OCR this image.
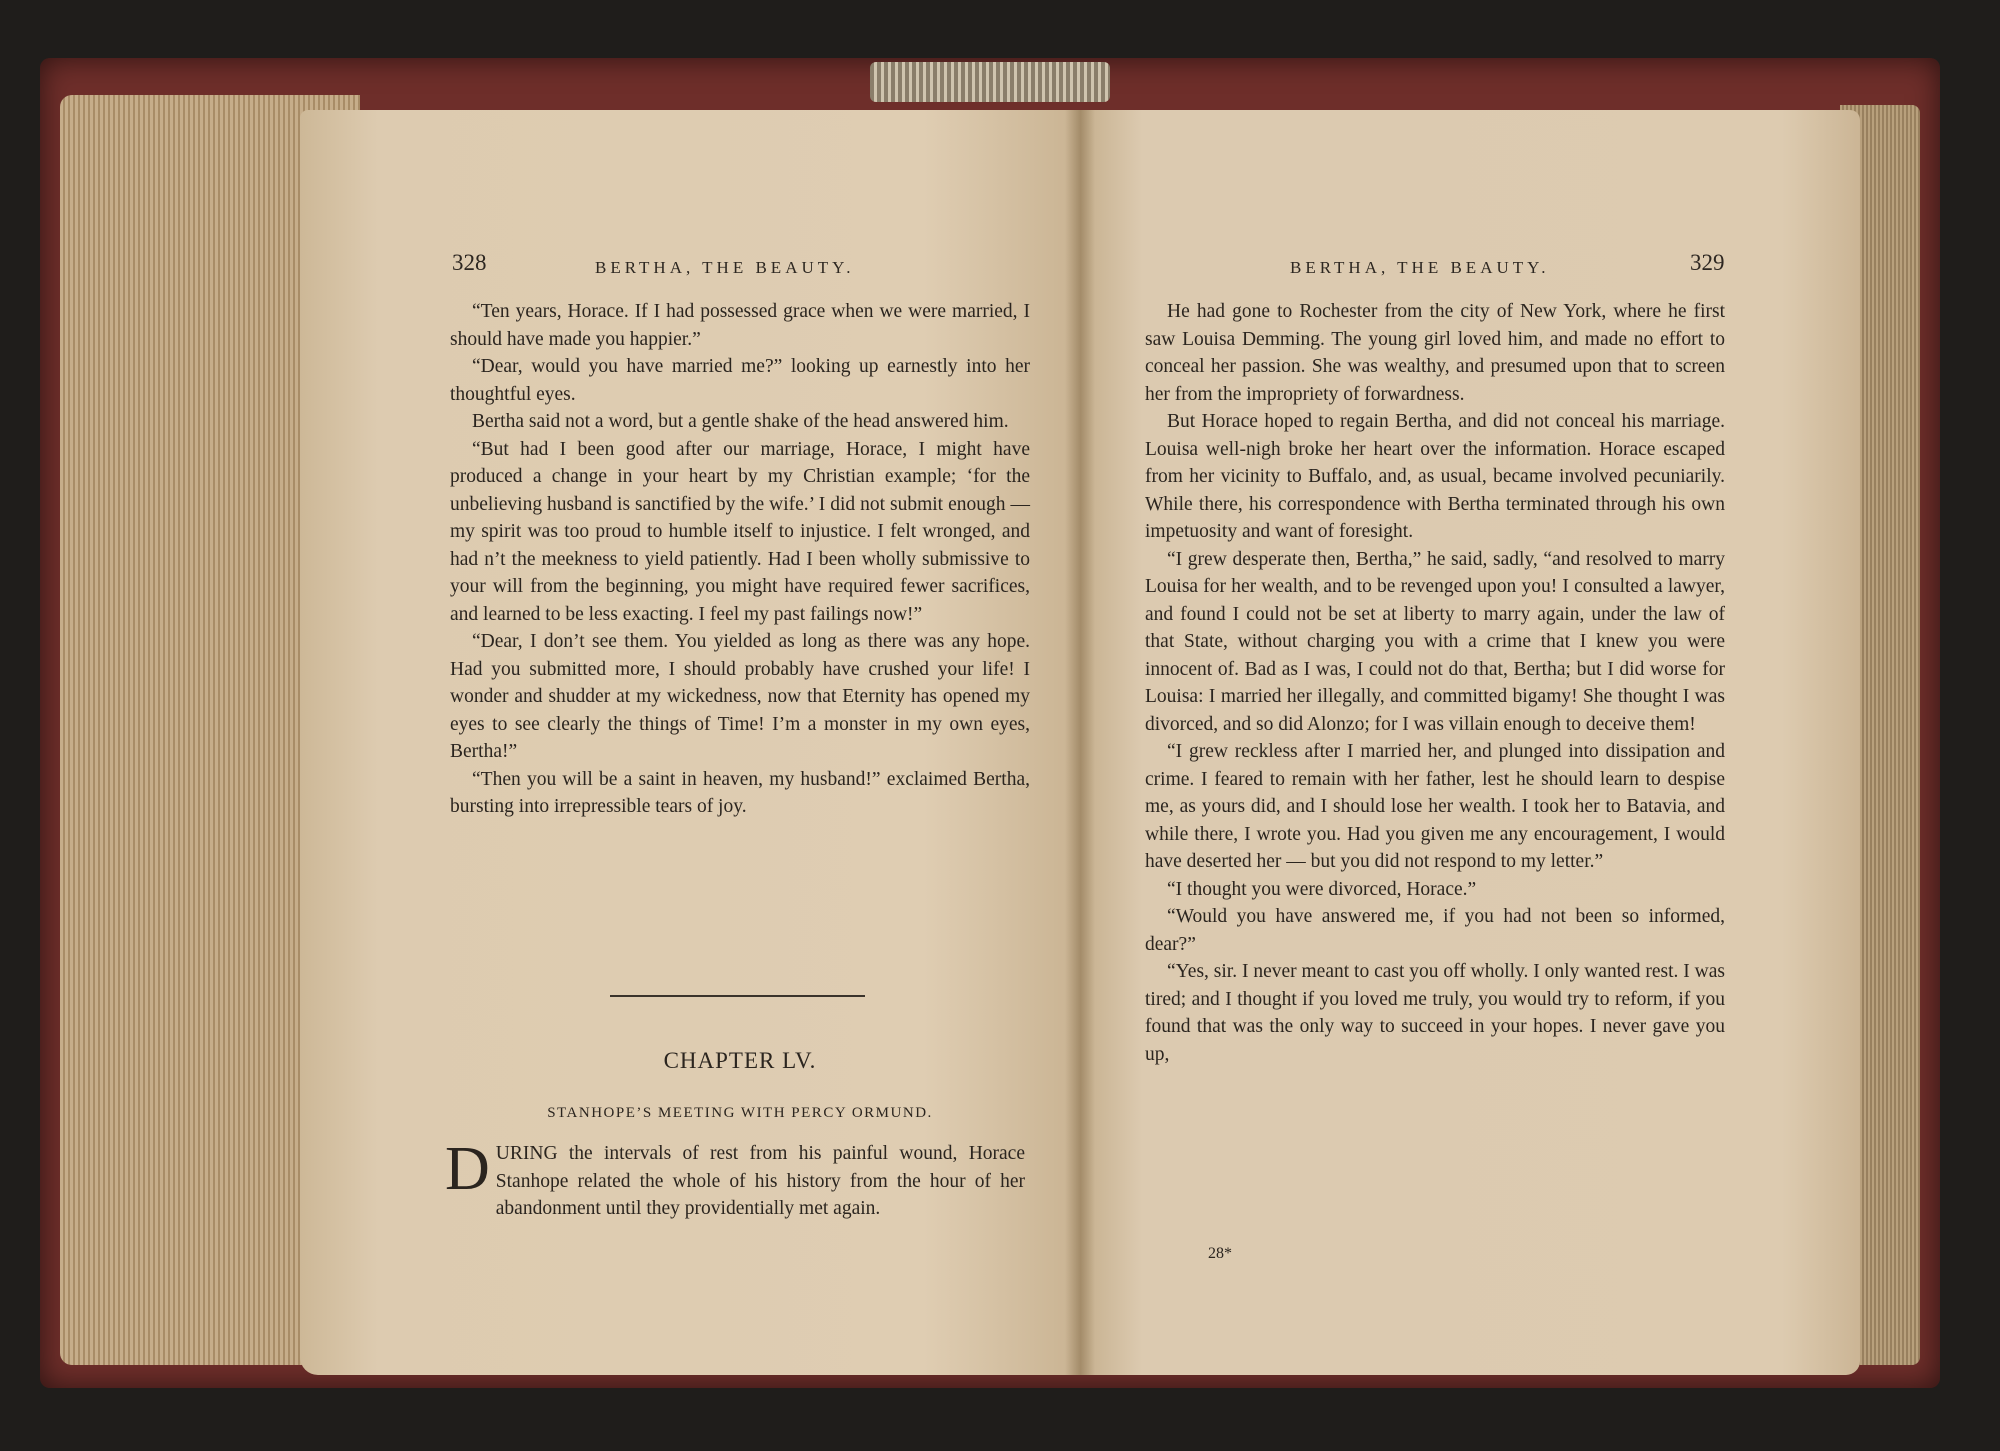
328	BERTHA, THE BEAUTY.

“Ten years, Horace. If I had possessed grace when we were married, I should have made you happier.”

“Dear, would you have married me?” looking up earnestly into her thoughtful eyes.

Bertha said not a word, but a gentle shake of the head answered him.

“But had I been good after our marriage, Horace, I might have produced a change in your heart by my Christian example; ‘for the unbelieving husband is sanctified by the wife.’ I did not submit enough — my spirit was too proud to humble itself to injustice. I felt wronged, and had n’t the meekness to yield patiently. Had I been wholly submissive to your will from the beginning, you might have required fewer sacrifices, and learned to be less exacting. I feel my past failings now!”

“Dear, I don’t see them. You yielded as long as there was any hope. Had you submitted more, I should probably have crushed your life! I wonder and shudder at my wickedness, now that Eternity has opened my eyes to see clearly the things of Time! I’m a monster in my own eyes, Bertha!”

“Then you will be a saint in heaven, my husband!” exclaimed Bertha, bursting into irrepressible tears of joy.

CHAPTER LV.
STANHOPE’S MEETING WITH PERCY ORMUND.

DURING the intervals of rest from his painful wound, Horace Stanhope related the whole of his history from the hour of her abandonment until they providentially met again.

BERTHA, THE BEAUTY.	329

He had gone to Rochester from the city of New York, where he first saw Louisa Demming. The young girl loved him, and made no effort to conceal her passion. She was wealthy, and presumed upon that to screen her from the impropriety of forwardness.

But Horace hoped to regain Bertha, and did not conceal his marriage. Louisa well-nigh broke her heart over the information. Horace escaped from her vicinity to Buffalo, and, as usual, became involved pecuniarily. While there, his correspondence with Bertha terminated through his own impetuosity and want of foresight.

“I grew desperate then, Bertha,” he said, sadly, “and resolved to marry Louisa for her wealth, and to be revenged upon you! I consulted a lawyer, and found I could not be set at liberty to marry again, under the law of that State, without charging you with a crime that I knew you were innocent of. Bad as I was, I could not do that, Bertha; but I did worse for Louisa: I married her illegally, and committed bigamy! She thought I was divorced, and so did Alonzo; for I was villain enough to deceive them!

“I grew reckless after I married her, and plunged into dissipation and crime. I feared to remain with her father, lest he should learn to despise me, as yours did, and I should lose her wealth. I took her to Batavia, and while there, I wrote you. Had you given me any encouragement, I would have deserted her — but you did not respond to my letter.”

“I thought you were divorced, Horace.”

“Would you have answered me, if you had not been so informed, dear?”

“Yes, sir. I never meant to cast you off wholly. I only wanted rest. I was tired; and I thought if you loved me truly, you would try to reform, if you found that was the only way to succeed in your hopes. I never gave you up,

28*
